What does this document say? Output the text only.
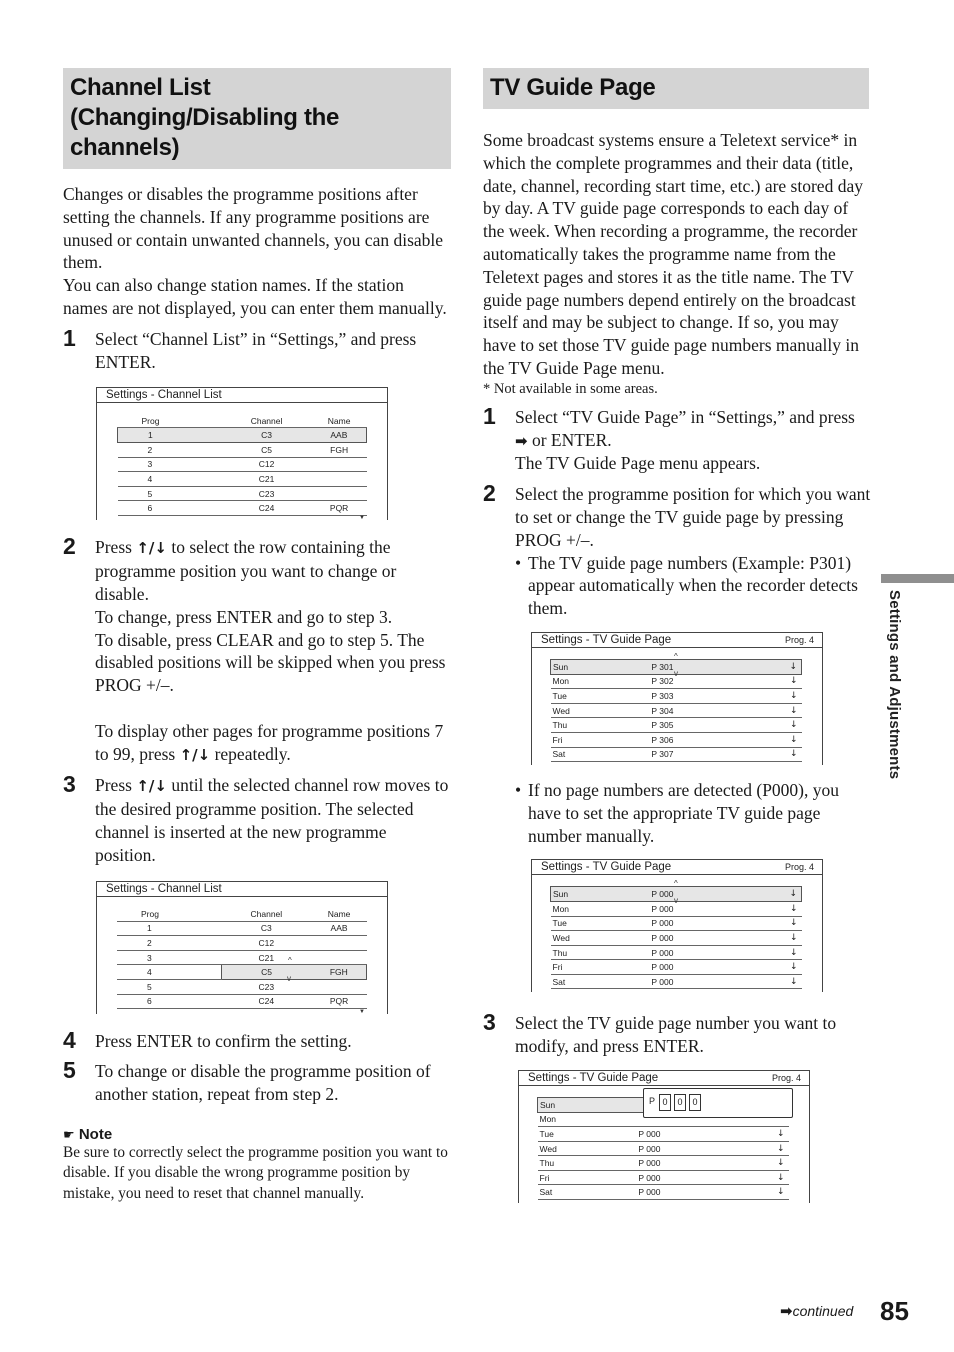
Channel List (Changing/Disabling the channels)

Changes or disables the programme positions after setting the channels. If any programme positions are unused or contain unwanted channels, you can disable them.

You can also change station names. If the station names are not displayed, you can enter them manually.

1 Select “Channel List” in “Settings,” and press ENTER.

Settings - Channel List
Prog	Channel	Name
1	C3	AAB
2	C5	FGH
3	C12	
4	C21	
5	C23	
6	C24	PQR
▼
2 Press ↑/↓ to select the row containing the programme position you want to change or disable.

To change, press ENTER and go to step 3.

To disable, press CLEAR and go to step 5. The disabled positions will be skipped when you press PROG +/–.

To display other pages for programme positions 7 to 99, press ↑/↓ repeatedly.

3 Press ↑/↓ until the selected channel row moves to the desired programme position. The selected channel is inserted at the new programme position.

Settings - Channel List
Prog	Channel	Name
1	C3	AAB
2	C12	
3	C21	
4	C5	FGH
5	C23	
6	C24	PQR
^
v
▼
4 Press ENTER to confirm the setting.

5 To change or disable the programme position of another station, repeat from step 2.

☛ Note

Be sure to correctly select the programme position you want to disable. If you disable the wrong programme position by mistake, you need to reset that channel manually.

TV Guide Page

Some broadcast systems ensure a Teletext service* in which the complete programmes and their data (title, date, channel, recording start time, etc.) are stored day by day. A TV guide page corresponds to each day of the week. When recording a programme, the recorder automatically takes the programme name from the Teletext pages and stores it as the title name. The TV guide page numbers depend entirely on the broadcast itself and may be subject to change. If so, you may have to set those TV guide page numbers manually in the TV Guide Page menu.

* Not available in some areas.

1 Select “TV Guide Page” in “Settings,” and press ➡ or ENTER.

The TV Guide Page menu appears.

2 Select the programme position for which you want to set or change the TV guide page by pressing PROG +/–.

• The TV guide page numbers (Example: P301) appear automatically when the recorder detects them.

Settings - TV Guide Page	Prog. 4
Sun	P 301	↓
Mon	P 302	↓
Tue	P 303	↓
Wed	P 304	↓
Thu	P 305	↓
Fri	P 306	↓
Sat	P 307	↓
^
v

• If no page numbers are detected (P000), you have to set the appropriate TV guide page number manually.

Settings - TV Guide Page	Prog. 4
Sun	P 000	↓
Mon	P 000	↓
Tue	P 000	↓
Wed	P 000	↓
Thu	P 000	↓
Fri	P 000	↓
Sat	P 000	↓
^
v
3 Select the TV guide page number you want to modify, and press ENTER.

Settings - TV Guide Page	Prog. 4
Sun		
Mon		
Tue	P 000	↓
Wed	P 000	↓
Thu	P 000	↓
Fri	P 000	↓
Sat	P 000	↓
P 0 0 0
Settings and Adjustments
➡continued 85
